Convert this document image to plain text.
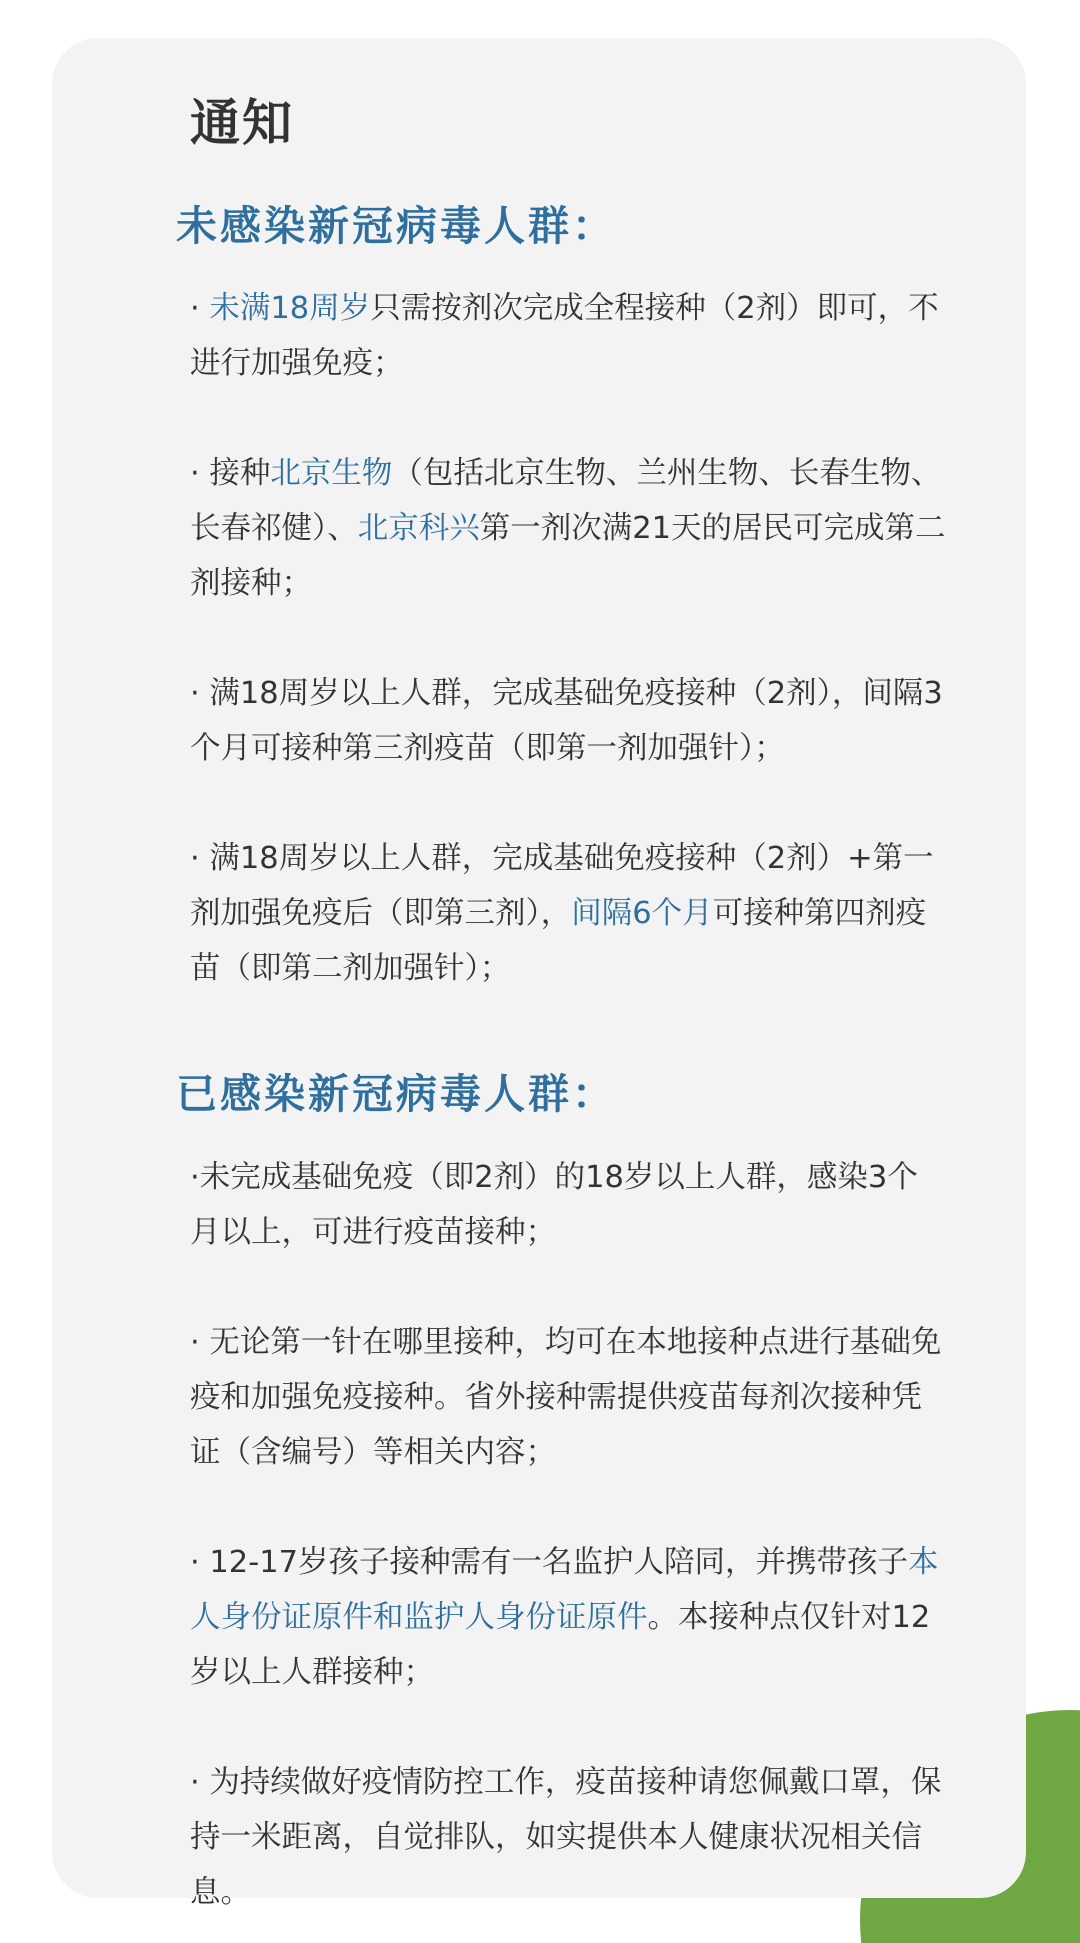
通知
未感染新冠病毒人群：
· 未满18周岁只需按剂次完成全程接种（2剂）即可，不进行加强免疫；
· 接种北京生物（包括北京生物、兰州生物、长春生物、长春祁健）、北京科兴第一剂次满21天的居民可完成第二剂接种；
· 满18周岁以上人群，完成基础免疫接种（2剂），间隔3个月可接种第三剂疫苗（即第一剂加强针）；
· 满18周岁以上人群，完成基础免疫接种（2剂）+第一剂加强免疫后（即第三剂），间隔6个月可接种第四剂疫苗（即第二剂加强针）；
已感染新冠病毒人群：
·未完成基础免疫（即2剂）的18岁以上人群，感染3个月以上，可进行疫苗接种；
· 无论第一针在哪里接种，均可在本地接种点进行基础免疫和加强免疫接种。省外接种需提供疫苗每剂次接种凭证（含编号）等相关内容；
· 12-17岁孩子接种需有一名监护人陪同，并携带孩子本人身份证原件和监护人身份证原件。本接种点仅针对12岁以上人群接种；
· 为持续做好疫情防控工作，疫苗接种请您佩戴口罩，保持一米距离，自觉排队，如实提供本人健康状况相关信息。
